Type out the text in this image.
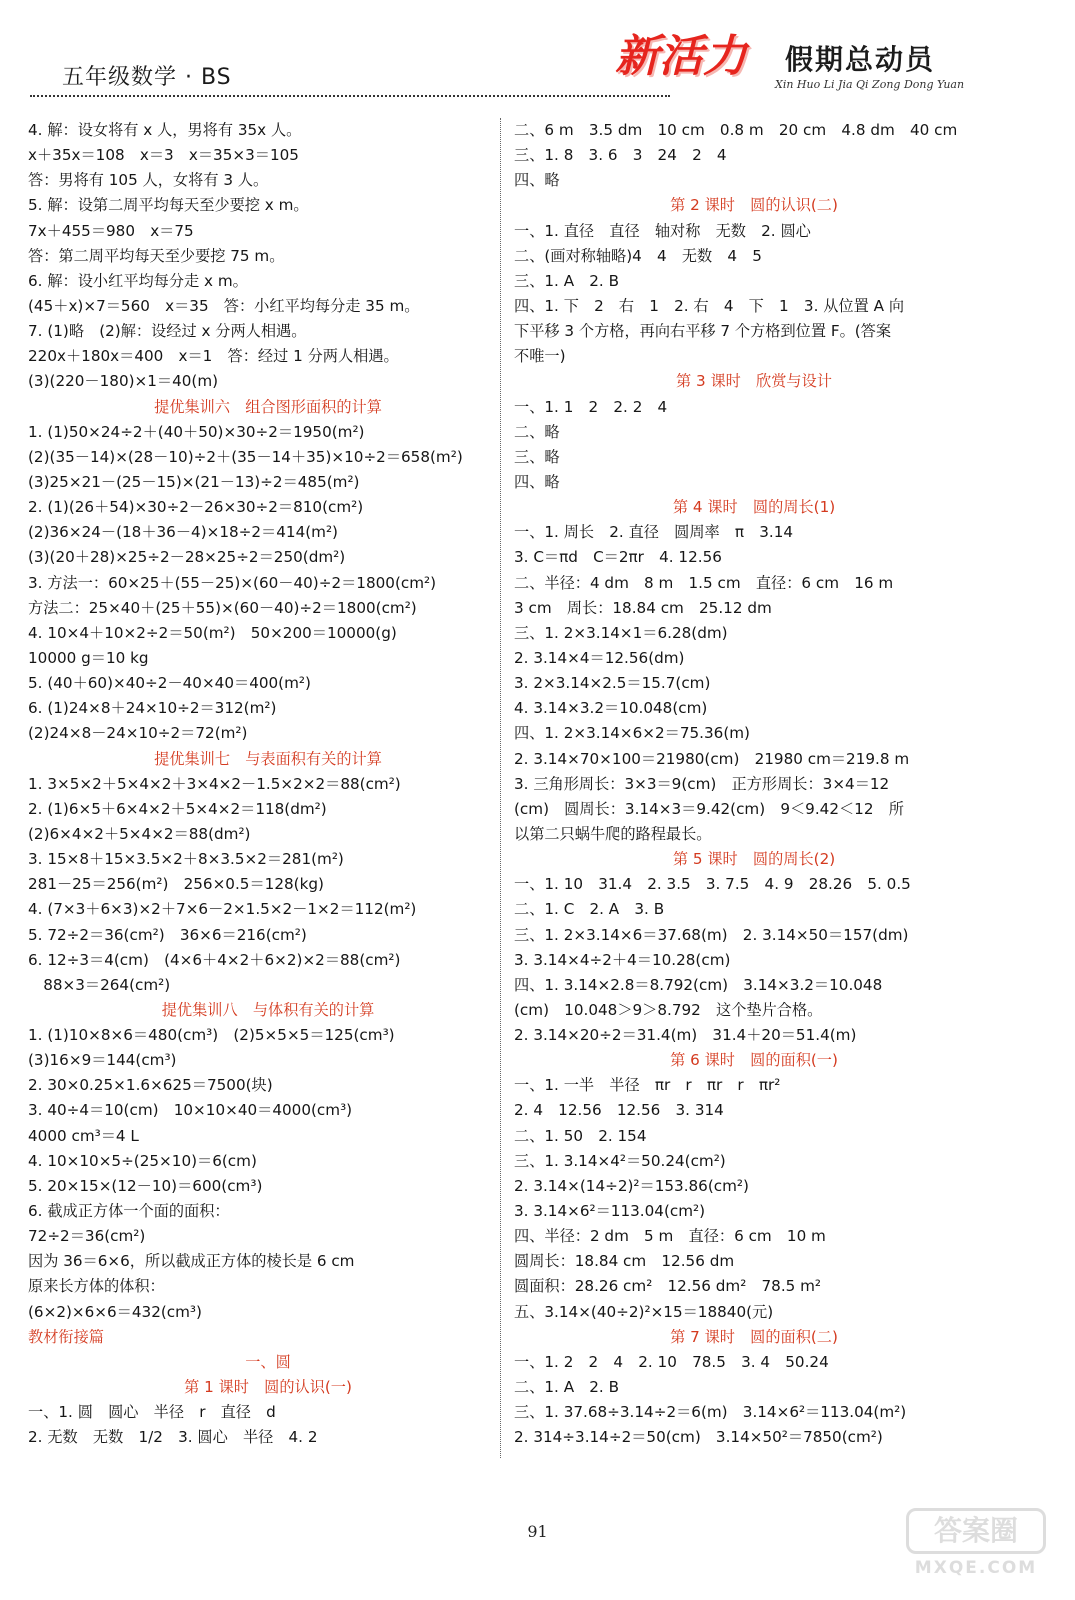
五年级数学 · BS	新活力 假期总动员
Xin Huo Li Jia Qi Zong Dong Yuan
4. 解：设女将有 x 人，男将有 35x 人。
x＋35x＝108　x＝3　x＝35×3＝105
答：男将有 105 人，女将有 3 人。
5. 解：设第二周平均每天至少要挖 x m。
7x＋455＝980　x＝75
答：第二周平均每天至少要挖 75 m。
6. 解：设小红平均每分走 x m。
(45＋x)×7＝560　x＝35　答：小红平均每分走 35 m。
7. (1)略　(2)解：设经过 x 分两人相遇。
220x＋180x＝400　x＝1　答：经过 1 分两人相遇。
(3)(220－180)×1＝40(m)
提优集训六　组合图形面积的计算
1. (1)50×24÷2＋(40＋50)×30÷2＝1950(m²)
(2)(35－14)×(28－10)÷2＋(35－14＋35)×10÷2＝658(m²)
(3)25×21－(25－15)×(21－13)÷2＝485(m²)
2. (1)(26＋54)×30÷2－26×30÷2＝810(cm²)
(2)36×24－(18＋36－4)×18÷2＝414(m²)
(3)(20＋28)×25÷2－28×25÷2＝250(dm²)
3. 方法一：60×25＋(55－25)×(60－40)÷2＝1800(cm²)
方法二：25×40＋(25＋55)×(60－40)÷2＝1800(cm²)
4. 10×4＋10×2÷2＝50(m²)　50×200＝10000(g)
10000 g＝10 kg
5. (40＋60)×40÷2－40×40＝400(m²)
6. (1)24×8＋24×10÷2＝312(m²)
(2)24×8－24×10÷2＝72(m²)
提优集训七　与表面积有关的计算
1. 3×5×2＋5×4×2＋3×4×2－1.5×2×2＝88(cm²)
2. (1)6×5＋6×4×2＋5×4×2＝118(dm²)
(2)6×4×2＋5×4×2＝88(dm²)
3. 15×8＋15×3.5×2＋8×3.5×2＝281(m²)
281－25＝256(m²)　256×0.5＝128(kg)
4. (7×3＋6×3)×2＋7×6－2×1.5×2－1×2＝112(m²)
5. 72÷2＝36(cm²)　36×6＝216(cm²)
6. 12÷3＝4(cm)　(4×6＋4×2＋6×2)×2＝88(cm²)
　88×3＝264(cm²)
提优集训八　与体积有关的计算
1. (1)10×8×6＝480(cm³)　(2)5×5×5＝125(cm³)
(3)16×9＝144(cm³)
2. 30×0.25×1.6×625＝7500(块)
3. 40÷4＝10(cm)　10×10×40＝4000(cm³)
4000 cm³＝4 L
4. 10×10×5÷(25×10)＝6(cm)
5. 20×15×(12－10)＝600(cm³)
6. 截成正方体一个面的面积：
72÷2＝36(cm²)
因为 36＝6×6，所以截成正方体的棱长是 6 cm
原来长方体的体积：
(6×2)×6×6＝432(cm³)
教材衔接篇
一、圆
第 1 课时　圆的认识(一)
一、1. 圆　圆心　半径　r　直径　d
2. 无数　无数　1/2　3. 圆心　半径　4. 2
二、6 m　3.5 dm　10 cm　0.8 m　20 cm　4.8 dm　40 cm
三、1. 8　3. 6　3　24　2　4
四、略
第 2 课时　圆的认识(二)
一、1. 直径　直径　轴对称　无数　2. 圆心
二、(画对称轴略)4　4　无数　4　5
三、1. A　2. B
四、1. 下　2　右　1　2. 右　4　下　1　3. 从位置 A 向
下平移 3 个方格，再向右平移 7 个方格到位置 F。(答案
不唯一)
第 3 课时　欣赏与设计
一、1. 1　2　2. 2　4
二、略
三、略
四、略
第 4 课时　圆的周长(1)
一、1. 周长　2. 直径　圆周率　π　3.14
3. C＝πd　C＝2πr　4. 12.56
二、半径：4 dm　8 m　1.5 cm　直径：6 cm　16 m
3 cm　周长：18.84 cm　25.12 dm
三、1. 2×3.14×1＝6.28(dm)
2. 3.14×4＝12.56(dm)
3. 2×3.14×2.5＝15.7(cm)
4. 3.14×3.2＝10.048(cm)
四、1. 2×3.14×6×2＝75.36(m)
2. 3.14×70×100＝21980(cm)　21980 cm＝219.8 m
3. 三角形周长：3×3＝9(cm)　正方形周长：3×4＝12
(cm)　圆周长：3.14×3＝9.42(cm)　9＜9.42＜12　所
以第二只蜗牛爬的路程最长。
第 5 课时　圆的周长(2)
一、1. 10　31.4　2. 3.5　3. 7.5　4. 9　28.26　5. 0.5
二、1. C　2. A　3. B
三、1. 2×3.14×6＝37.68(m)　2. 3.14×50＝157(dm)
3. 3.14×4÷2＋4＝10.28(cm)
四、1. 3.14×2.8＝8.792(cm)　3.14×3.2＝10.048
(cm)　10.048＞9＞8.792　这个垫片合格。
2. 3.14×20÷2＝31.4(m)　31.4＋20＝51.4(m)
第 6 课时　圆的面积(一)
一、1. 一半　半径　πr　r　πr　r　πr²
2. 4　12.56　12.56　3. 314
二、1. 50　2. 154
三、1. 3.14×4²＝50.24(cm²)
2. 3.14×(14÷2)²＝153.86(cm²)
3. 3.14×6²＝113.04(cm²)
四、半径：2 dm　5 m　直径：6 cm　10 m
圆周长：18.84 cm　12.56 dm
圆面积：28.26 cm²　12.56 dm²　78.5 m²
五、3.14×(40÷2)²×15＝18840(元)
第 7 课时　圆的面积(二)
一、1. 2　2　4　2. 10　78.5　3. 4　50.24
二、1. A　2. B
三、1. 37.68÷3.14÷2＝6(m)　3.14×6²＝113.04(m²)
2. 314÷3.14÷2＝50(cm)　3.14×50²＝7850(cm²)
91	答案圈
MXQE.COM
